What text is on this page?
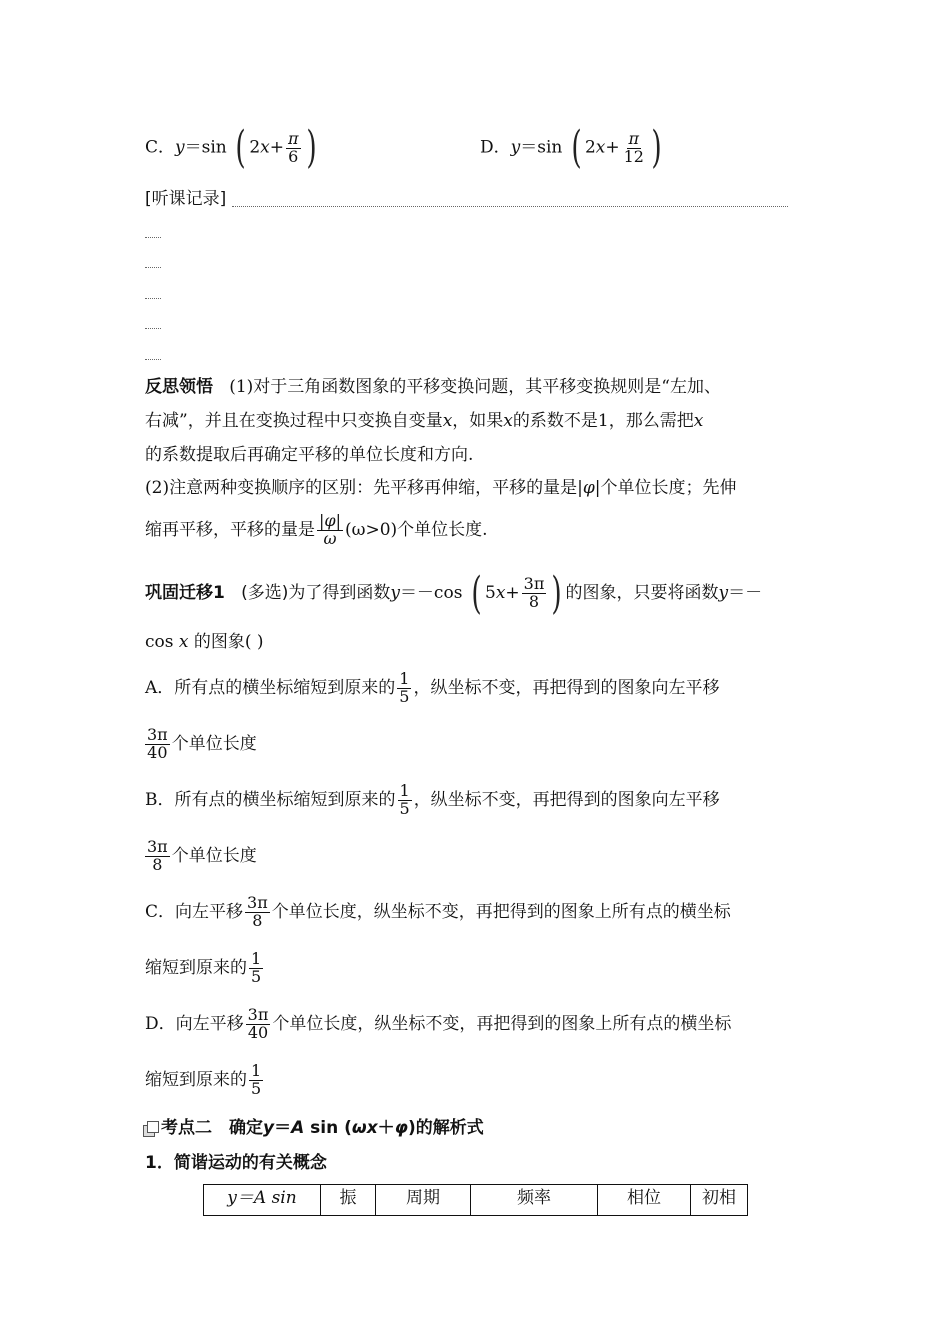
C．y＝sin ( $2x+ \frac{\pi}{6}$ )	D．y＝sin ( $2x+ \frac{\pi}{12}$ )
[听课记录]
反思领悟 (1)对于三角函数图象的平移变换问题，其平移变换规则是“左加、
右减”，并且在变换过程中只变换自变量x，如果x的系数不是1，那么需把x
的系数提取后再确定平移的单位长度和方向.
(2)注意两种变换顺序的区别：先平移再伸缩，平移的量是|φ|个单位长度；先伸
缩再平移，平移的量是 $\frac{|\varphi|}{\omega} (\omega>0)$个单位长度.
巩固迁移1 (多选)为了得到函数y＝－cos ( $5x+ \frac{3\pi}{8}$ ) 的图象，只要将函数y＝－
cos x 的图象( )
A．所有点的横坐标缩短到原来的 $\frac{1}{5}$ ，纵坐标不变，再把得到的图象向左平移
$\frac{3\pi}{40}$ 个单位长度
B．所有点的横坐标缩短到原来的 $\frac{1}{5}$ ，纵坐标不变，再把得到的图象向左平移
$\frac{3\pi}{8}$ 个单位长度
C．向左平移 $\frac{3\pi}{8}$ 个单位长度，纵坐标不变，再把得到的图象上所有点的横坐标
缩短到原来的 $\frac{1}{5}$
D．向左平移 $\frac{3\pi}{40}$ 个单位长度，纵坐标不变，再把得到的图象上所有点的横坐标
缩短到原来的 $\frac{1}{5}$
考点二　确定y＝A sin (ωx＋φ)的解析式
1．简谐运动的有关概念
y＝A sin	振	周期	频率	相位	初相
